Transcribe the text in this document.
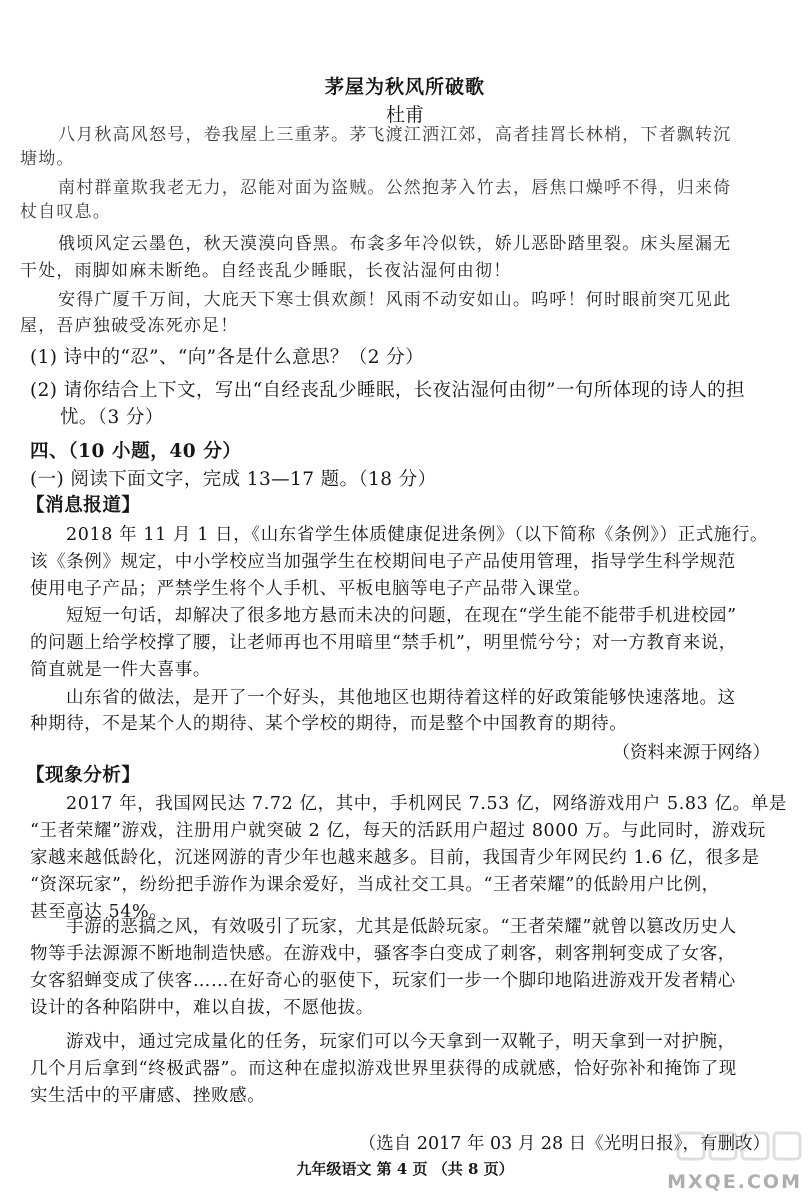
茅屋为秋风所破歌
杜甫
八月秋高风怒号，卷我屋上三重茅。茅飞渡江洒江郊，高者挂罥长林梢，下者飘转沉
塘坳。
南村群童欺我老无力，忍能对面为盗贼。公然抱茅入竹去，唇焦口燥呼不得，归来倚
杖自叹息。
俄顷风定云墨色，秋天漠漠向昏黑。布衾多年冷似铁，娇儿恶卧踏里裂。床头屋漏无
干处，雨脚如麻未断绝。自经丧乱少睡眠，长夜沾湿何由彻！
安得广厦千万间，大庇天下寒士俱欢颜！风雨不动安如山。呜呼！何时眼前突兀见此
屋，吾庐独破受冻死亦足！
(1) 诗中的“忍”、“向”各是什么意思？（2 分）
(2) 请你结合上下文，写出“自经丧乱少睡眠，长夜沾湿何由彻”一句所体现的诗人的担
忧。（3 分）
四、（10 小题，40 分）
(一) 阅读下面文字，完成 13—17 题。（18 分）
【消息报道】
2018 年 11 月 1 日，《山东省学生体质健康促进条例》（以下简称《条例》）正式施行。
该《条例》规定，中小学校应当加强学生在校期间电子产品使用管理，指导学生科学规范
使用电子产品；严禁学生将个人手机、平板电脑等电子产品带入课堂。
短短一句话，却解决了很多地方悬而未决的问题，在现在“学生能不能带手机进校园”
的问题上给学校撑了腰，让老师再也不用暗里“禁手机”，明里慌兮兮；对一方教育来说，
简直就是一件大喜事。
山东省的做法，是开了一个好头，其他地区也期待着这样的好政策能够快速落地。这
种期待，不是某个人的期待、某个学校的期待，而是整个中国教育的期待。
（资料来源于网络）
【现象分析】
2017 年，我国网民达 7.72 亿，其中，手机网民 7.53 亿，网络游戏用户 5.83 亿。单是
“王者荣耀”游戏，注册用户就突破 2 亿，每天的活跃用户超过 8000 万。与此同时，游戏玩
家越来越低龄化，沉迷网游的青少年也越来越多。目前，我国青少年网民约 1.6 亿，很多是
“资深玩家”，纷纷把手游作为课余爱好，当成社交工具。“王者荣耀”的低龄用户比例，
甚至高达 54%。
手游的恶搞之风，有效吸引了玩家，尤其是低龄玩家。“王者荣耀”就曾以篡改历史人
物等手法源源不断地制造快感。在游戏中，骚客李白变成了刺客，刺客荆轲变成了女客，
女客貂蝉变成了侠客……在好奇心的驱使下，玩家们一步一个脚印地陷进游戏开发者精心
设计的各种陷阱中，难以自拔，不愿他拔。
游戏中，通过完成量化的任务，玩家们可以今天拿到一双靴子，明天拿到一对护腕，
几个月后拿到“终极武器”。而这种在虚拟游戏世界里获得的成就感，恰好弥补和掩饰了现
实生活中的平庸感、挫败感。
（选自 2017 年 03 月 28 日《光明日报》，有删改）
九年级语文 第 4 页 （共 8 页）
MXQE.COM
